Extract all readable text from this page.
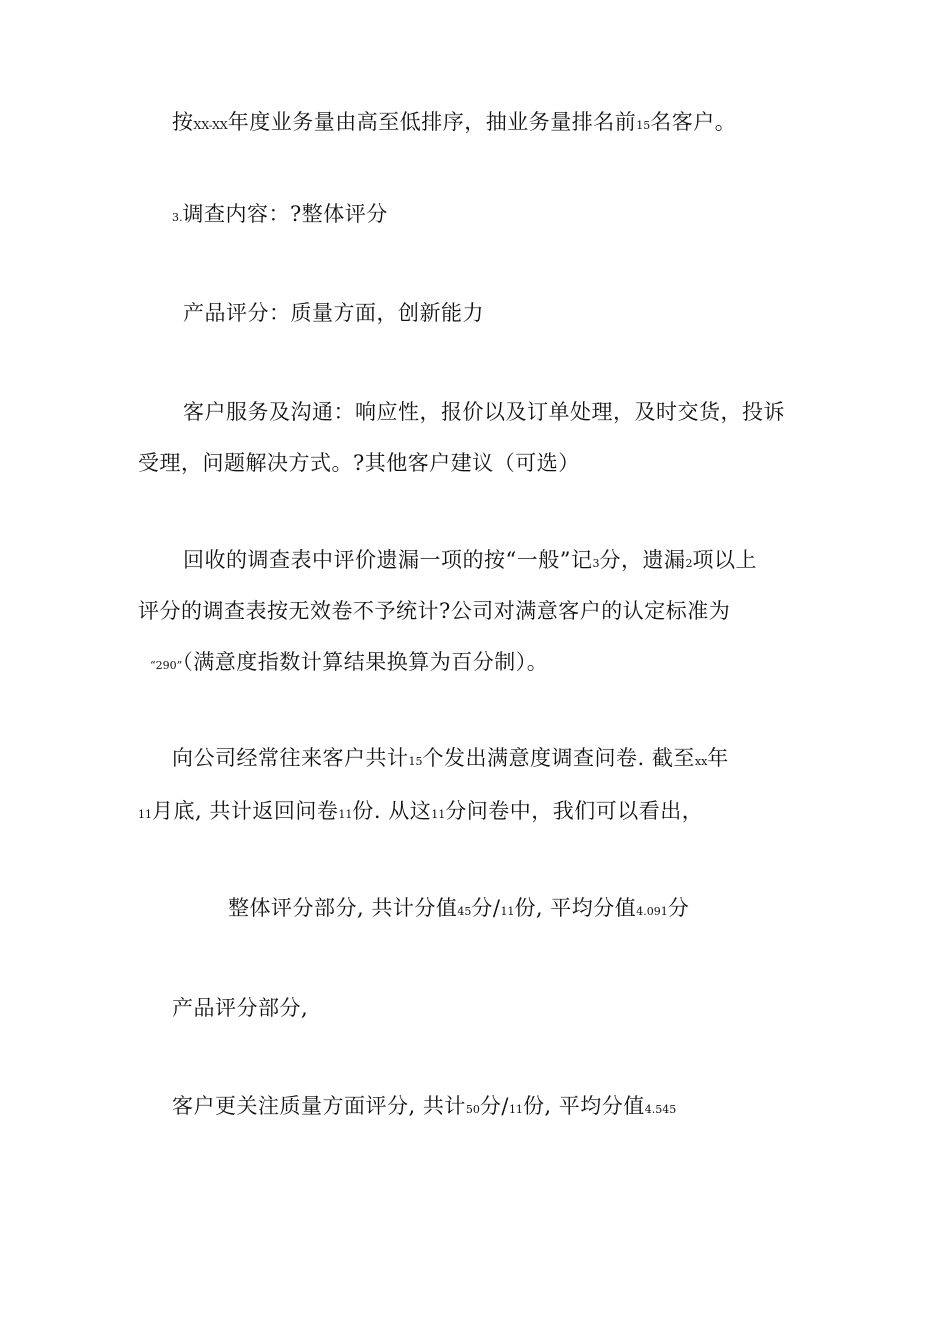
按XX-XX年度业务量由高至低排序，抽业务量排名前15名客户。
3.调查内容：?整体评分
产品评分：质量方面，创新能力
客户服务及沟通：响应性，报价以及订单处理，及时交货，投诉
受理，问题解决方式。?其他客户建议（可选）
回收的调查表中评价遗漏一项的按“一般”记3分，遗漏2项以上
评分的调查表按无效卷不予统计?公司对满意客户的认定标准为
“290”（满意度指数计算结果换算为百分制）。
向公司经常往来客户共计15个发出满意度调查问卷. 截至xx年
11月底, 共计返回问卷11份. 从这11分问卷中，我们可以看出，
整体评分部分, 共计分值45分/11份, 平均分值4.091分
产品评分部分,
客户更关注质量方面评分, 共计50分/11份, 平均分值4.545
